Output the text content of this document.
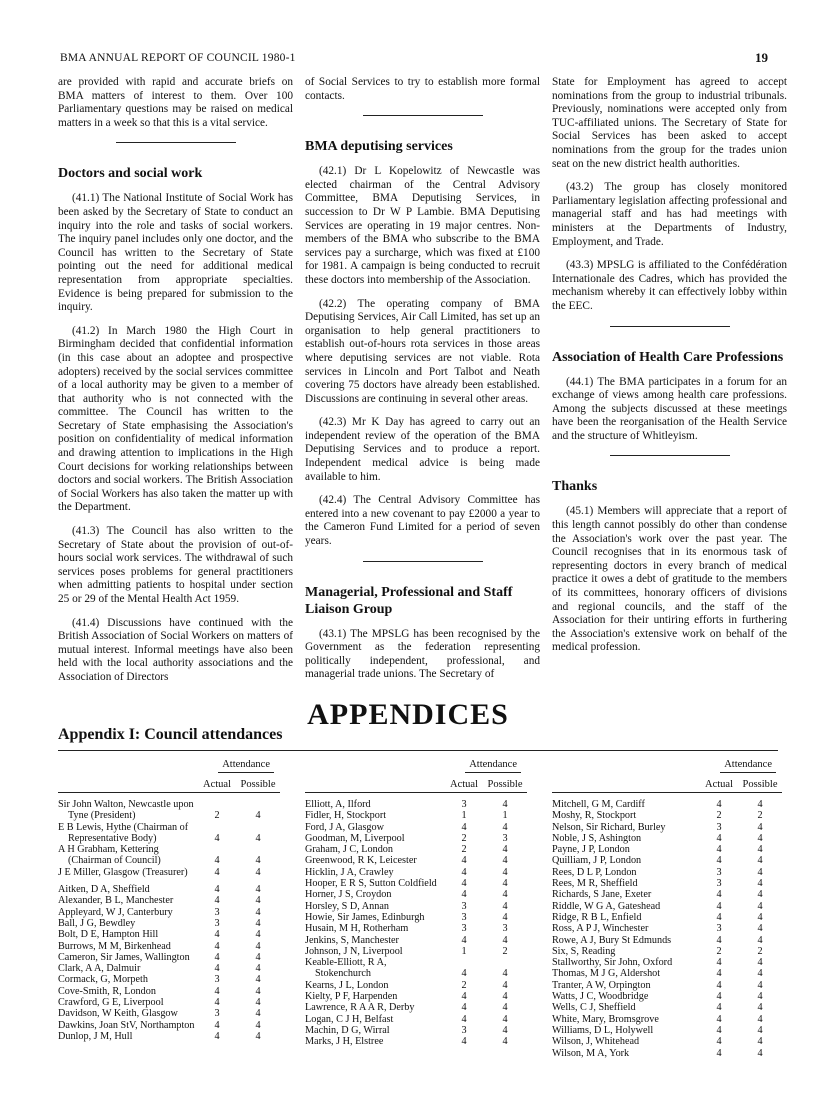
BMA ANNUAL REPORT OF COUNCIL 1980-1	19

are provided with rapid and accurate briefs on BMA matters of interest to them. Over 100 Parliamentary questions may be raised on medical matters in a week so that this is a vital service.

Doctors and social work

(41.1) The National Institute of Social Work has been asked by the Secretary of State to conduct an inquiry into the role and tasks of social workers. The inquiry panel includes only one doctor, and the Council has written to the Secretary of State pointing out the need for additional medical representation from appropriate specialties. Evidence is being prepared for submission to the inquiry.

(41.2) In March 1980 the High Court in Birmingham decided that confidential information (in this case about an adoptee and prospective adopters) received by the social services committee of a local authority may be given to a member of that authority who is not connected with the committee. The Council has written to the Secretary of State emphasising the Association's position on confidentiality of medical information and drawing attention to implications in the High Court decisions for working relationships between doctors and social workers. The British Association of Social Workers has also taken the matter up with the Department.

(41.3) The Council has also written to the Secretary of State about the provision of out-of-hours social work services. The withdrawal of such services poses problems for general practitioners when admitting patients to hospital under section 25 or 29 of the Mental Health Act 1959.

(41.4) Discussions have continued with the British Association of Social Workers on matters of mutual interest. Informal meetings have also been held with the local authority associations and the Association of Directors

of Social Services to try to establish more formal contacts.

BMA deputising services

(42.1) Dr L Kopelowitz of Newcastle was elected chairman of the Central Advisory Committee, BMA Deputising Services, in succession to Dr W P Lambie. BMA Deputising Services are operating in 19 major centres. Non-members of the BMA who subscribe to the BMA services pay a surcharge, which was fixed at £100 for 1981. A campaign is being conducted to recruit these doctors into membership of the Association.

(42.2) The operating company of BMA Deputising Services, Air Call Limited, has set up an organisation to help general practitioners to establish out-of-hours rota services in those areas where deputising services are not viable. Rota services in Lincoln and Port Talbot and Neath covering 75 doctors have already been established. Discussions are continuing in several other areas.

(42.3) Mr K Day has agreed to carry out an independent review of the operation of the BMA Deputising Services and to produce a report. Independent medical advice is being made available to him.

(42.4) The Central Advisory Committee has entered into a new covenant to pay £2000 a year to the Cameron Fund Limited for a period of seven years.

Managerial, Professional and Staff Liaison Group

(43.1) The MPSLG has been recognised by the Government as the federation representing politically independent, professional, and managerial trade unions. The Secretary of

State for Employment has agreed to accept nominations from the group to industrial tribunals. Previously, nominations were accepted only from TUC-affiliated unions. The Secretary of State for Social Services has been asked to accept nominations from the group for the trades union seat on the new district health authorities.

(43.2) The group has closely monitored Parliamentary legislation affecting professional and managerial staff and has had meetings with ministers at the Departments of Industry, Employment, and Trade.

(43.3) MPSLG is affiliated to the Confédération Internationale des Cadres, which has provided the mechanism whereby it can effectively lobby within the EEC.

Association of Health Care Professions

(44.1) The BMA participates in a forum for an exchange of views among health care professions. Among the subjects discussed at these meetings have been the reorganisation of the Health Service and the structure of Whitleyism.

Thanks

(45.1) Members will appreciate that a report of this length cannot possibly do other than condense the Association's work over the past year. The Council recognises that in its enormous task of representing doctors in every branch of medical practice it owes a debt of gratitude to the members of its committees, honorary officers of divisions and regional councils, and the staff of the Association for their untiring efforts in furthering the Association's extensive work on behalf of the medical profession.

APPENDICES
Appendix I: Council attendances
Attendance
Actual Possible
Sir John Walton, Newcastle upon Tyne (President)	2	4
E B Lewis, Hythe (Chairman of Representative Body)	4	4
A H Grabham, Kettering (Chairman of Council)	4	4
J E Miller, Glasgow (Treasurer)	4	4
Aitken, D A, Sheffield	4	4
Alexander, B L, Manchester	4	4
Appleyard, W J, Canterbury	3	4
Ball, J G, Bewdley	3	4
Bolt, D E, Hampton Hill	4	4
Burrows, M M, Birkenhead	4	4
Cameron, Sir James, Wallington	4	4
Clark, A A, Dalmuir	4	4
Cormack, G, Morpeth	3	4
Cove-Smith, R, London	4	4
Crawford, G E, Liverpool	4	4
Davidson, W Keith, Glasgow	3	4
Dawkins, Joan StV, Northampton	4	4
Dunlop, J M, Hull	4	4
Attendance
Actual Possible
Elliott, A, Ilford	3	4
Fidler, H, Stockport	1	1
Ford, J A, Glasgow	4	4
Goodman, M, Liverpool	2	3
Graham, J C, London	2	4
Greenwood, R K, Leicester	4	4
Hicklin, J A, Crawley	4	4
Hooper, E R S, Sutton Coldfield	4	4
Horner, J S, Croydon	4	4
Horsley, S D, Annan	3	4
Howie, Sir James, Edinburgh	3	4
Husain, M H, Rotherham	3	3
Jenkins, S, Manchester	4	4
Johnson, J N, Liverpool	1	2
Keable-Elliott, R A, Stokenchurch	4	4
Kearns, J L, London	2	4
Kielty, P F, Harpenden	4	4
Lawrence, R A A R, Derby	4	4
Logan, C J H, Belfast	4	4
Machin, D G, Wirral	3	4
Marks, J H, Elstree	4	4
Attendance
Actual Possible
Mitchell, G M, Cardiff	4	4
Moshy, R, Stockport	2	2
Nelson, Sir Richard, Burley	3	4
Noble, J S, Ashington	4	4
Payne, J P, London	4	4
Quilliam, J P, London	4	4
Rees, D L P, London	3	4
Rees, M R, Sheffield	3	4
Richards, S Jane, Exeter	4	4
Riddle, W G A, Gateshead	4	4
Ridge, R B L, Enfield	4	4
Ross, A P J, Winchester	3	4
Rowe, A J, Bury St Edmunds	4	4
Six, S, Reading	2	2
Stallworthy, Sir John, Oxford	4	4
Thomas, M J G, Aldershot	4	4
Tranter, A W, Orpington	4	4
Watts, J C, Woodbridge	4	4
Wells, C J, Sheffield	4	4
White, Mary, Bromsgrove	4	4
Williams, D L, Holywell	4	4
Wilson, J, Whitehead	4	4
Wilson, M A, York	4	4
